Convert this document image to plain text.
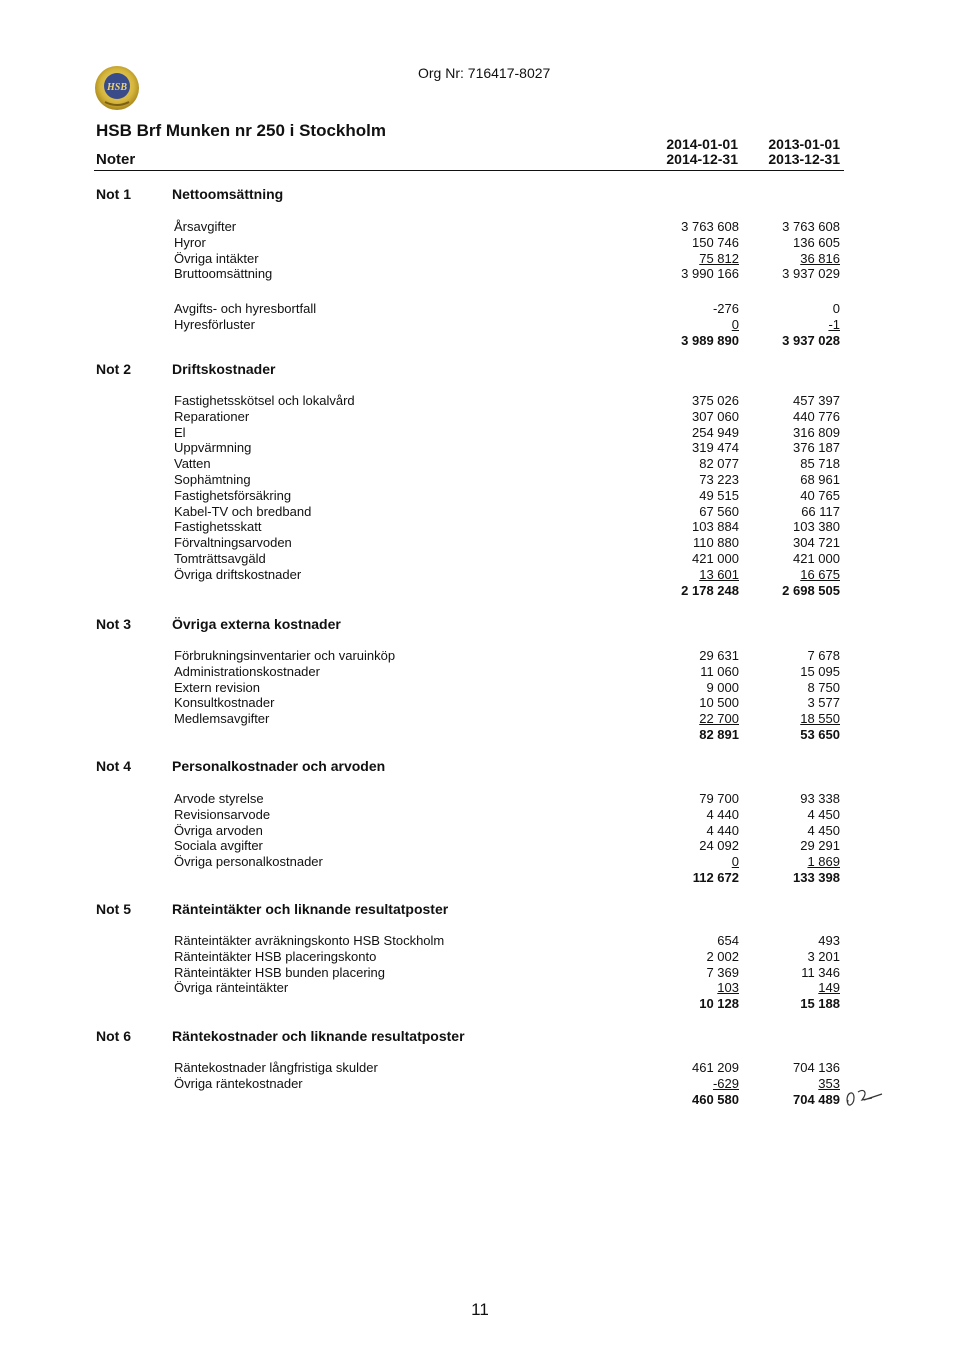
HSB
Org Nr: 716417-8027
HSB Brf Munken nr 250 i Stockholm
Noter
2014-01-01
2014-12-31
2013-01-01
2013-12-31
Not 1	Nettoomsättning
Årsavgifter	3 763 608	3 763 608
Hyror	150 746	136 605
Övriga intäkter	75 812	36 816
Bruttoomsättning	3 990 166	3 937 029
Avgifts- och hyresbortfall	-276	0
Hyresförluster	0	-1
3 989 890	3 937 028
Not 2	Driftskostnader
Fastighetsskötsel och lokalvård	375 026	457 397
Reparationer	307 060	440 776
El	254 949	316 809
Uppvärmning	319 474	376 187
Vatten	82 077	85 718
Sophämtning	73 223	68 961
Fastighetsförsäkring	49 515	40 765
Kabel-TV och bredband	67 560	66 117
Fastighetsskatt	103 884	103 380
Förvaltningsarvoden	110 880	304 721
Tomträttsavgäld	421 000	421 000
Övriga driftskostnader	13 601	16 675
2 178 248	2 698 505
Not 3	Övriga externa kostnader
Förbrukningsinventarier och varuinköp	29 631	7 678
Administrationskostnader	11 060	15 095
Extern revision	9 000	8 750
Konsultkostnader	10 500	3 577
Medlemsavgifter	22 700	18 550
82 891	53 650
Not 4	Personalkostnader och arvoden
Arvode styrelse	79 700	93 338
Revisionsarvode	4 440	4 450
Övriga arvoden	4 440	4 450
Sociala avgifter	24 092	29 291
Övriga personalkostnader	0	1 869
112 672	133 398
Not 5	Ränteintäkter och liknande resultatposter
Ränteintäkter avräkningskonto HSB Stockholm	654	493
Ränteintäkter HSB placeringskonto	2 002	3 201
Ränteintäkter HSB bunden placering	7 369	11 346
Övriga ränteintäkter	103	149
10 128	15 188
Not 6	Räntekostnader och liknande resultatposter
Räntekostnader långfristiga skulder	461 209	704 136
Övriga räntekostnader	-629	353
460 580	704 489
11
